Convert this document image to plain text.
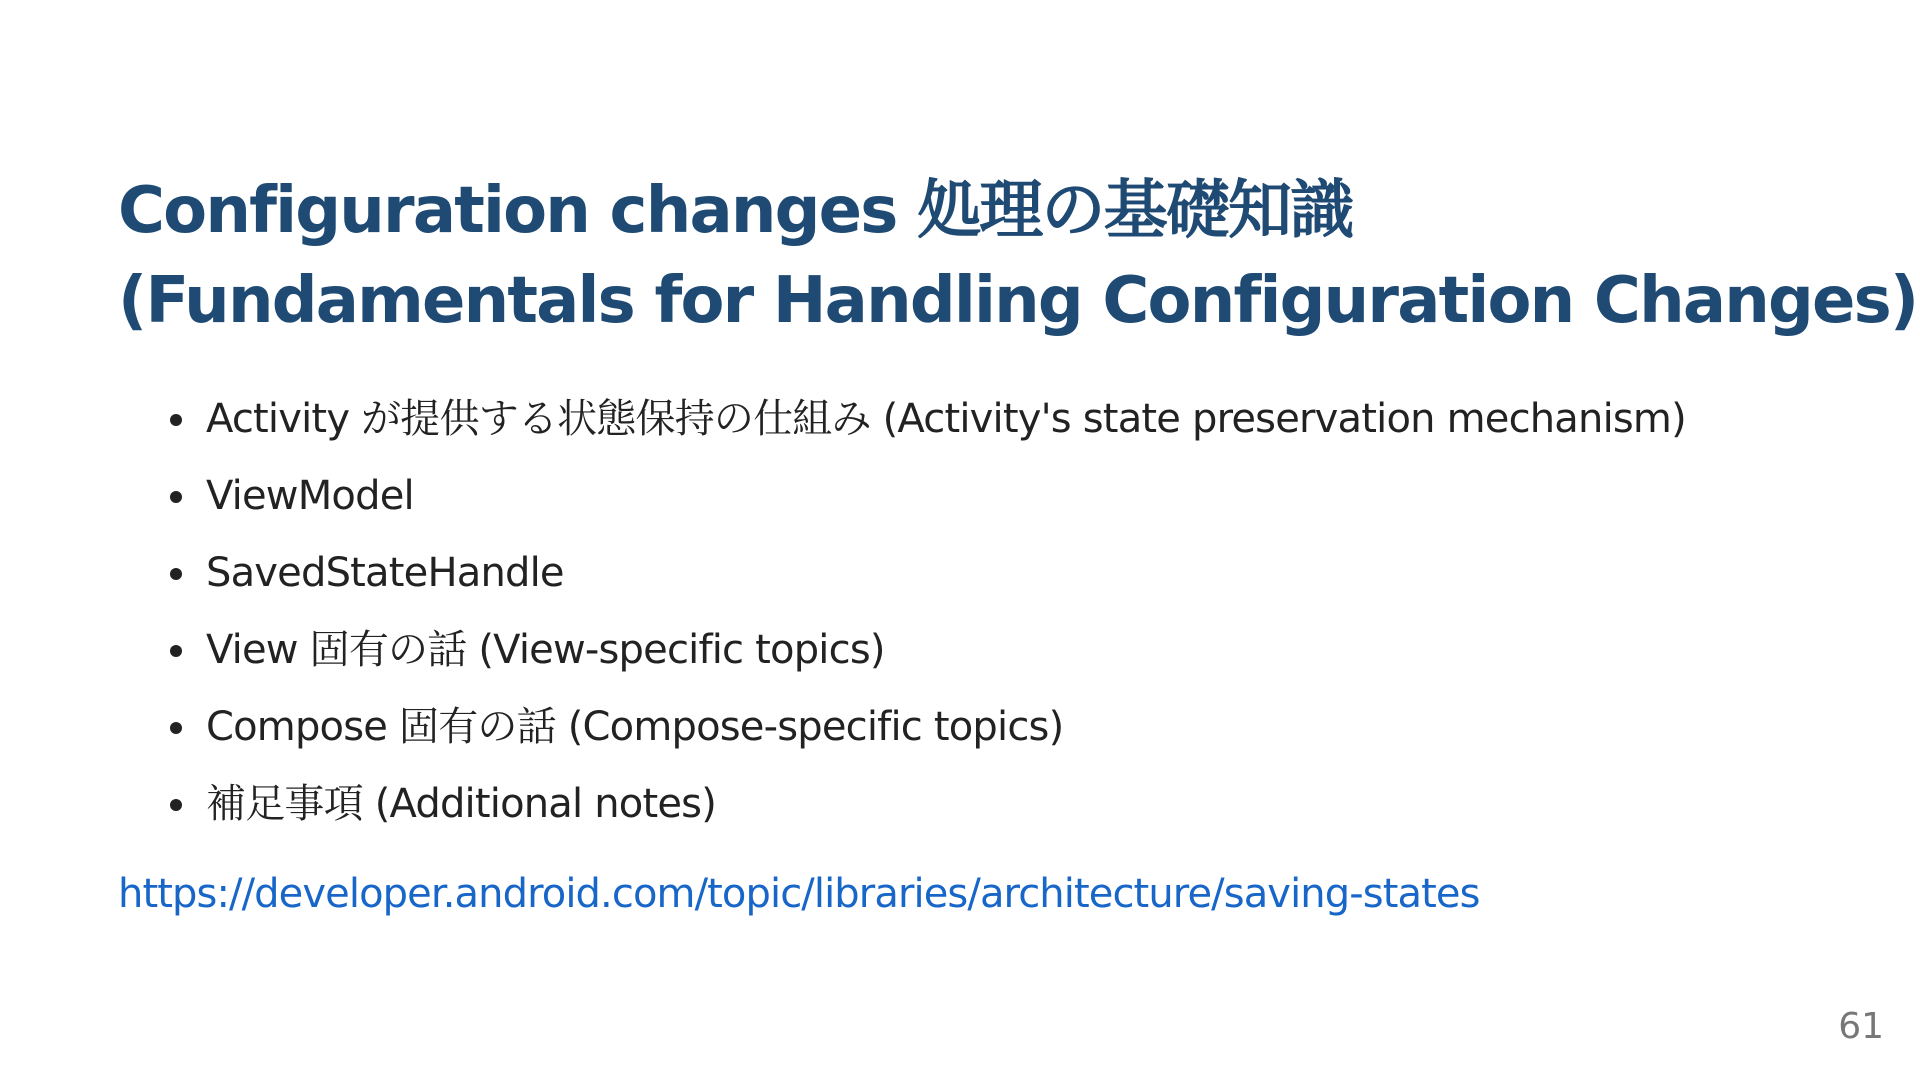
Configuration changes 処理の基礎知識
(Fundamentals for Handling Configuration Changes)
Activity が提供する状態保持の仕組み (Activity's state preservation mechanism)
ViewModel
SavedStateHandle
View 固有の話 (View-specific topics)
Compose 固有の話 (Compose-specific topics)
補足事項 (Additional notes)
https://developer.android.com/topic/libraries/architecture/saving-states
61
